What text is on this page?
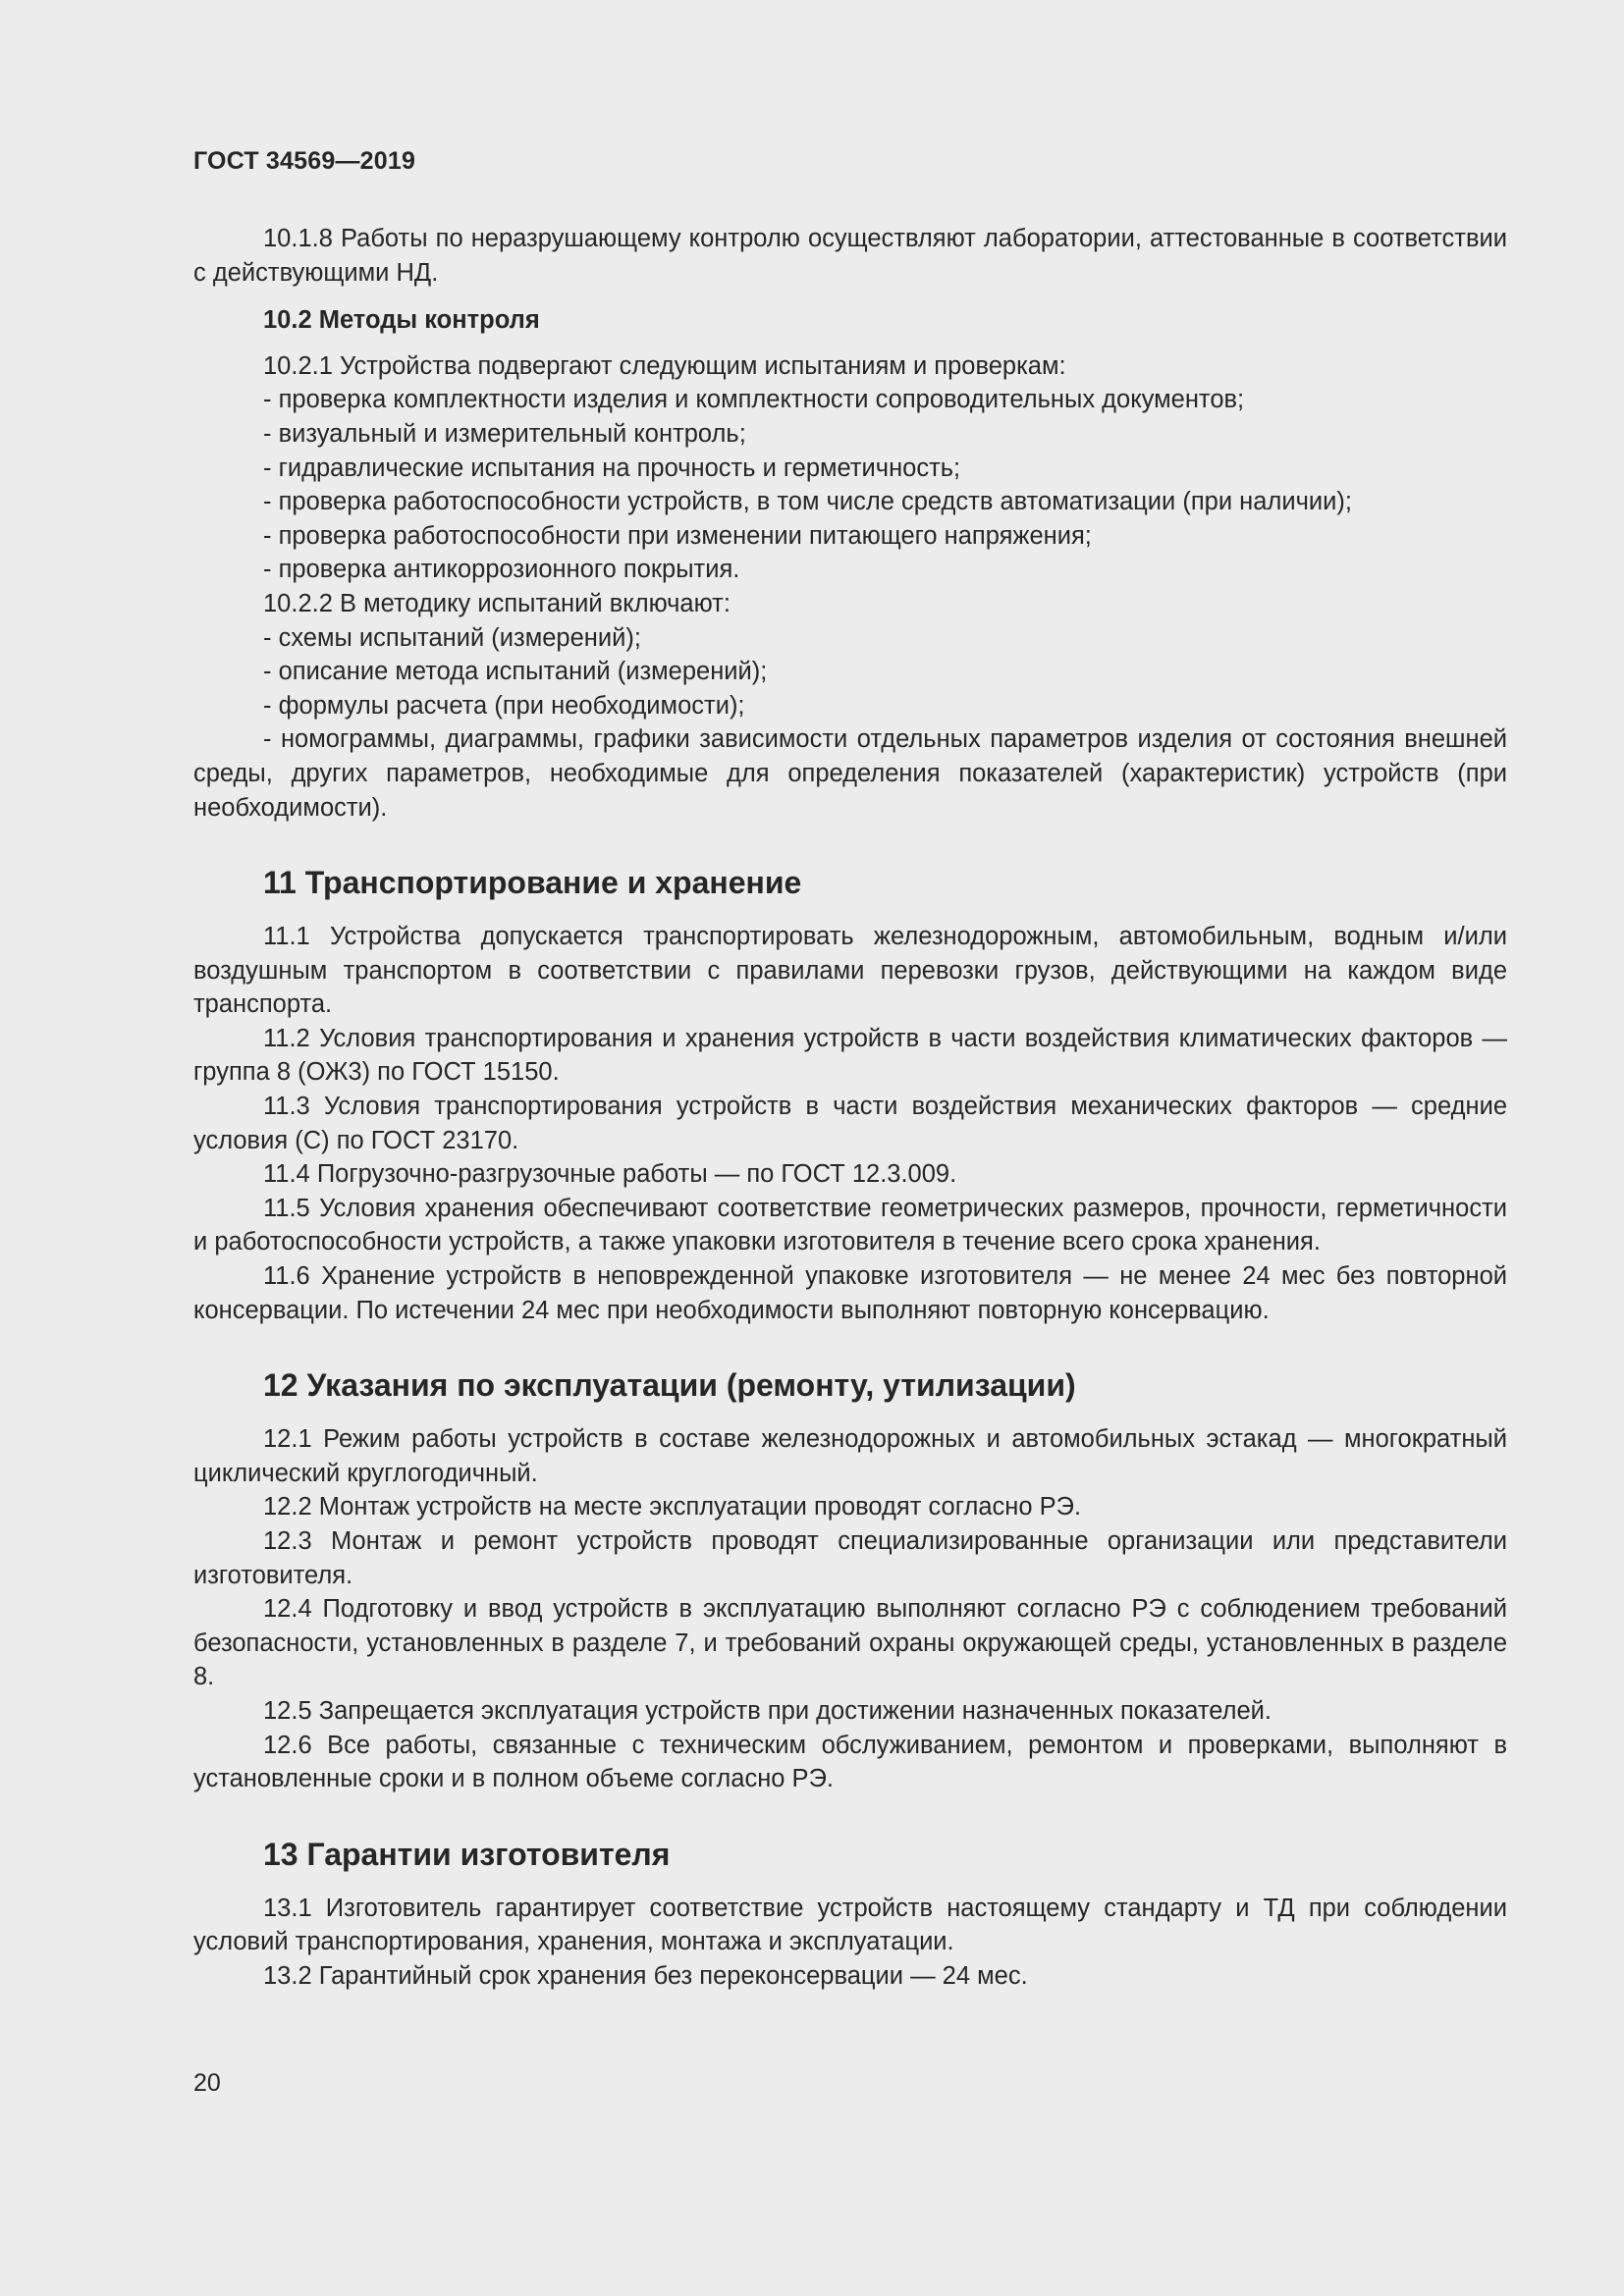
ГОСТ 34569—2019

10.1.8 Работы по неразрушающему контролю осуществляют лаборатории, аттестованные в соответствии с действующими НД.

10.2 Методы контроля

10.2.1 Устройства подвергают следующим испытаниям и проверкам:

- проверка комплектности изделия и комплектности сопроводительных документов;

- визуальный и измерительный контроль;

- гидравлические испытания на прочность и герметичность;

- проверка работоспособности устройств, в том числе средств автоматизации (при наличии);

- проверка работоспособности при изменении питающего напряжения;

- проверка антикоррозионного покрытия.

10.2.2 В методику испытаний включают:

- схемы испытаний (измерений);

- описание метода испытаний (измерений);

- формулы расчета (при необходимости);

- номограммы, диаграммы, графики зависимости отдельных параметров изделия от состояния внешней среды, других параметров, необходимые для определения показателей (характеристик) устройств (при необходимости).

11 Транспортирование и хранение

11.1 Устройства допускается транспортировать железнодорожным, автомобильным, водным и/или воздушным транспортом в соответствии с правилами перевозки грузов, действующими на каждом виде транспорта.

11.2 Условия транспортирования и хранения устройств в части воздействия климатических факторов — группа 8 (ОЖ3) по ГОСТ 15150.

11.3 Условия транспортирования устройств в части воздействия механических факторов — средние условия (С) по ГОСТ 23170.

11.4 Погрузочно-разгрузочные работы — по ГОСТ 12.3.009.

11.5 Условия хранения обеспечивают соответствие геометрических размеров, прочности, герметичности и работоспособности устройств, а также упаковки изготовителя в течение всего срока хранения.

11.6 Хранение устройств в неповрежденной упаковке изготовителя — не менее 24 мес без повторной консервации. По истечении 24 мес при необходимости выполняют повторную консервацию.

12 Указания по эксплуатации (ремонту, утилизации)

12.1 Режим работы устройств в составе железнодорожных и автомобильных эстакад — многократный циклический круглогодичный.

12.2 Монтаж устройств на месте эксплуатации проводят согласно РЭ.

12.3 Монтаж и ремонт устройств проводят специализированные организации или представители изготовителя.

12.4 Подготовку и ввод устройств в эксплуатацию выполняют согласно РЭ с соблюдением требований безопасности, установленных в разделе 7, и требований охраны окружающей среды, установленных в разделе 8.

12.5 Запрещается эксплуатация устройств при достижении назначенных показателей.

12.6 Все работы, связанные с техническим обслуживанием, ремонтом и проверками, выполняют в установленные сроки и в полном объеме согласно РЭ.

13 Гарантии изготовителя

13.1 Изготовитель гарантирует соответствие устройств настоящему стандарту и ТД при соблюдении условий транспортирования, хранения, монтажа и эксплуатации.

13.2 Гарантийный срок хранения без переконсервации — 24 мес.

20
